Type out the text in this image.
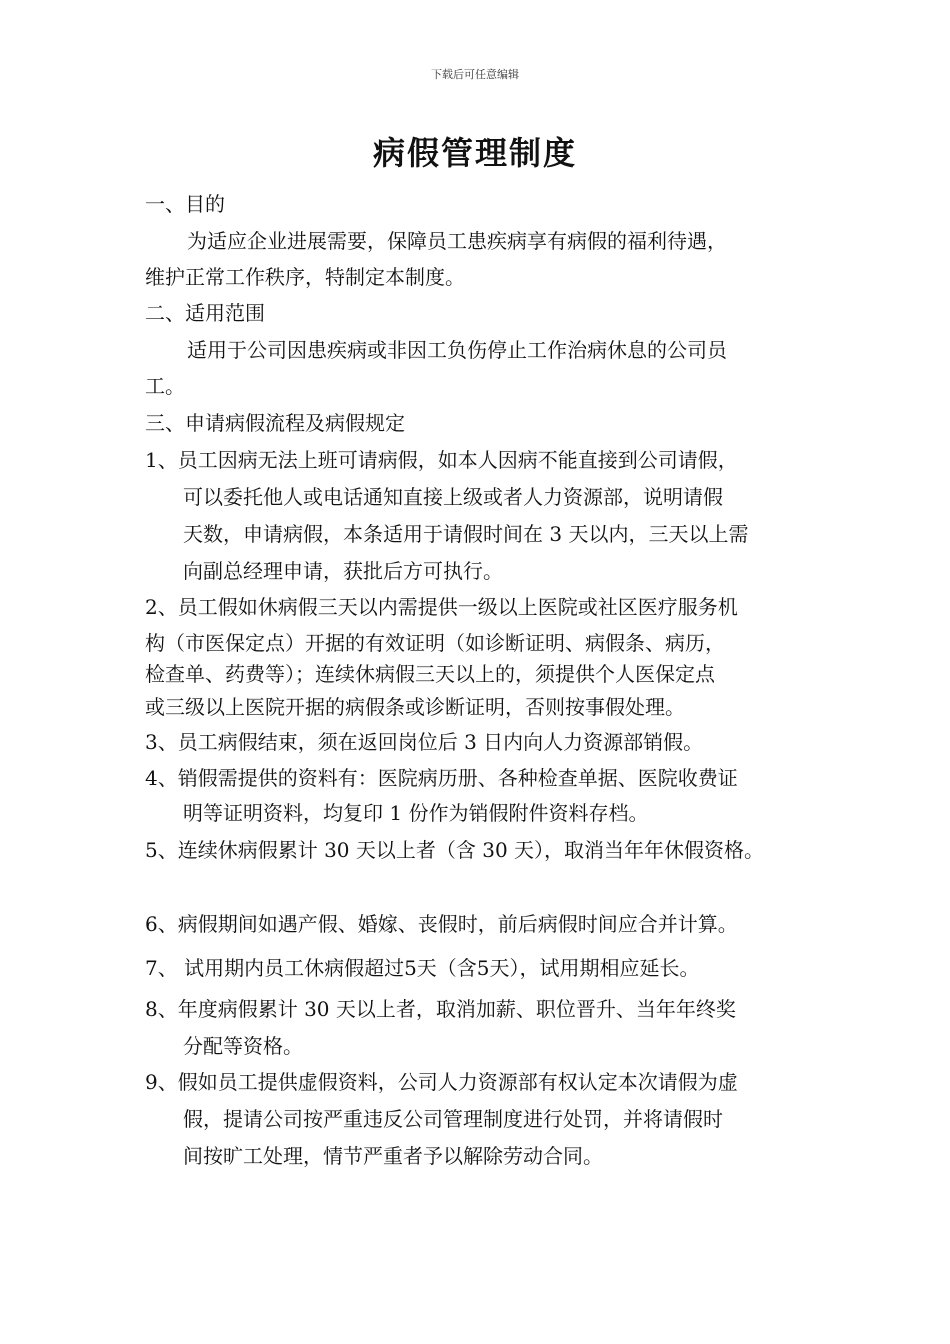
下载后可任意编辑
病假管理制度
一、目的
为适应企业进展需要，保障员工患疾病享有病假的福利待遇，
维护正常工作秩序，特制定本制度。
二、适用范围
适用于公司因患疾病或非因工负伤停止工作治病休息的公司员
工。
三、申请病假流程及病假规定
1、员工因病无法上班可请病假，如本人因病不能直接到公司请假，
可以委托他人或电话通知直接上级或者人力资源部，说明请假
天数，申请病假，本条适用于请假时间在 3 天以内，三天以上需
向副总经理申请，获批后方可执行。
2、员工假如休病假三天以内需提供一级以上医院或社区医疗服务机
构（市医保定点）开据的有效证明（如诊断证明、病假条、病历，
检查单、药费等）；连续休病假三天以上的，须提供个人医保定点
或三级以上医院开据的病假条或诊断证明，否则按事假处理。
3、员工病假结束，须在返回岗位后 3 日内向人力资源部销假。
4、销假需提供的资料有：医院病历册、各种检查单据、医院收费证
明等证明资料，均复印 1 份作为销假附件资料存档。
5、连续休病假累计 30 天以上者（含 30 天），取消当年年休假资格。
6、病假期间如遇产假、婚嫁、丧假时，前后病假时间应合并计算。
7、 试用期内员工休病假超过5天（含5天），试用期相应延长。
8、年度病假累计 30 天以上者，取消加薪、职位晋升、当年年终奖
分配等资格。
9、假如员工提供虚假资料，公司人力资源部有权认定本次请假为虚
假，提请公司按严重违反公司管理制度进行处罚，并将请假时
间按旷工处理，情节严重者予以解除劳动合同。
